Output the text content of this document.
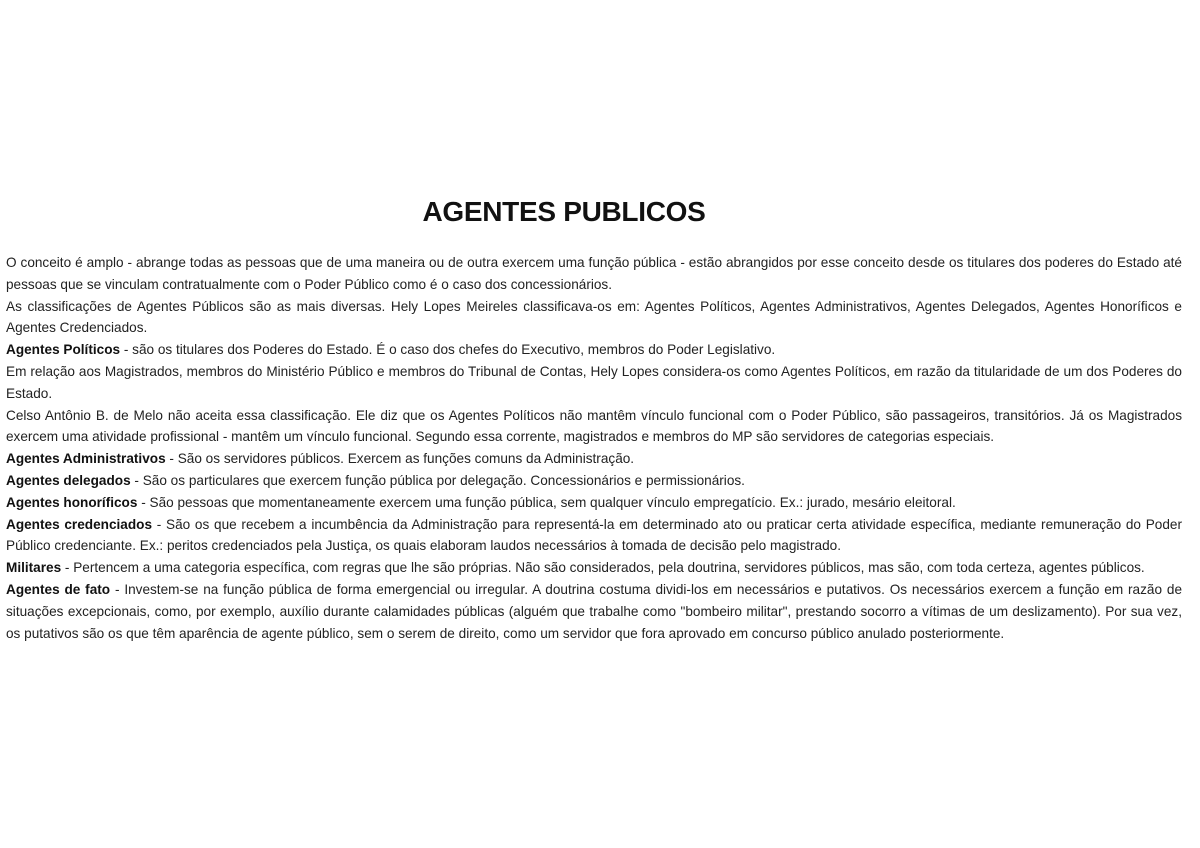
AGENTES PUBLICOS

O conceito é amplo - abrange todas as pessoas que de uma maneira ou de outra exercem uma função pública - estão abrangidos por esse conceito desde os titulares dos poderes do Estado até pessoas que se vinculam contratualmente com o Poder Público como é o caso dos concessionários.

As classificações de Agentes Públicos são as mais diversas. Hely Lopes Meireles classificava-os em: Agentes Políticos, Agentes Administrativos, Agentes Delegados, Agentes Honoríficos e Agentes Credenciados.

Agentes Políticos - são os titulares dos Poderes do Estado. É o caso dos chefes do Executivo, membros do Poder Legislativo.

Em relação aos Magistrados, membros do Ministério Público e membros do Tribunal de Contas, Hely Lopes considera-os como Agentes Políticos, em razão da titularidade de um dos Poderes do Estado.

Celso Antônio B. de Melo não aceita essa classificação. Ele diz que os Agentes Políticos não mantêm vínculo funcional com o Poder Público, são passageiros, transitórios. Já os Magistrados exercem uma atividade profissional - mantêm um vínculo funcional. Segundo essa corrente, magistrados e membros do MP são servidores de categorias especiais.

Agentes Administrativos - São os servidores públicos. Exercem as funções comuns da Administração.

Agentes delegados - São os particulares que exercem função pública por delegação. Concessionários e permissionários.

Agentes honoríficos - São pessoas que momentaneamente exercem uma função pública, sem qualquer vínculo empregatício. Ex.: jurado, mesário eleitoral.

Agentes credenciados - São os que recebem a incumbência da Administração para representá-la em determinado ato ou praticar certa atividade específica, mediante remuneração do Poder Público credenciante. Ex.: peritos credenciados pela Justiça, os quais elaboram laudos necessários à tomada de decisão pelo magistrado.

Militares - Pertencem a uma categoria específica, com regras que lhe são próprias. Não são considerados, pela doutrina, servidores públicos, mas são, com toda certeza, agentes públicos.

Agentes de fato - Investem-se na função pública de forma emergencial ou irregular. A doutrina costuma dividi-los em necessários e putativos. Os necessários exercem a função em razão de situações excepcionais, como, por exemplo, auxílio durante calamidades públicas (alguém que trabalhe como "bombeiro militar", prestando socorro a vítimas de um deslizamento). Por sua vez, os putativos são os que têm aparência de agente público, sem o serem de direito, como um servidor que fora aprovado em concurso público anulado posteriormente.
